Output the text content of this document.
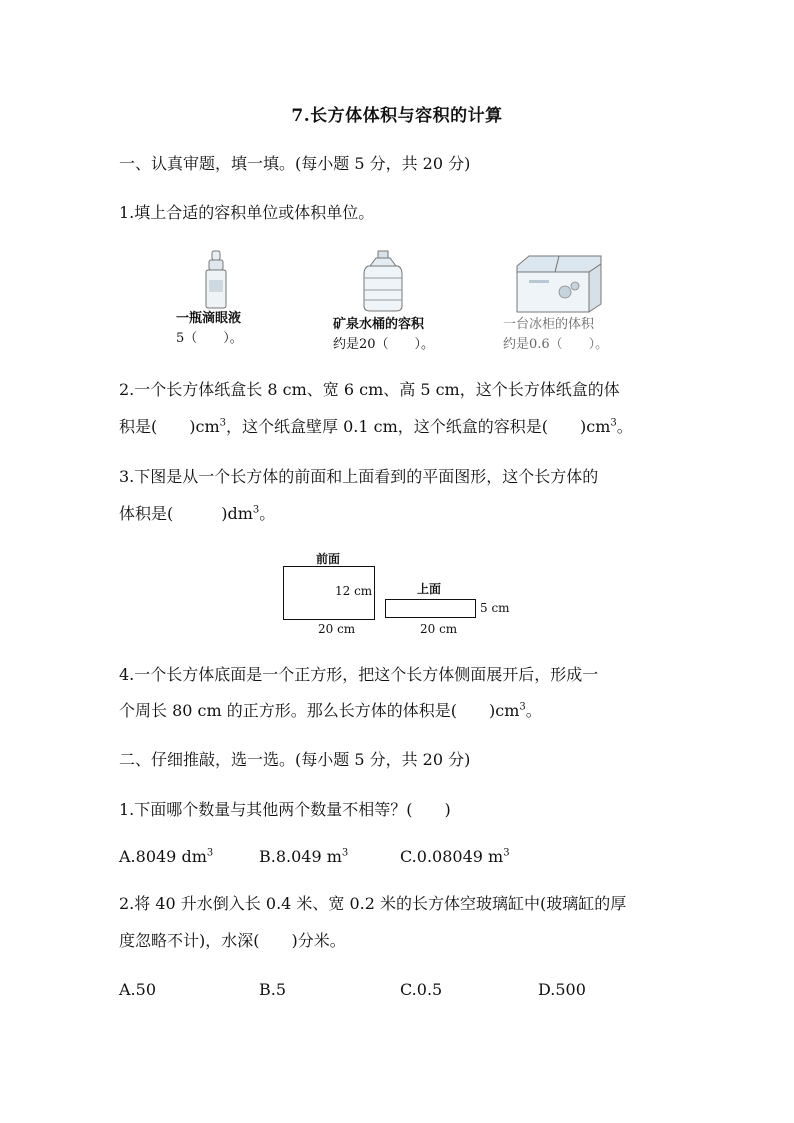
7.长方体体积与容积的计算
一、认真审题，填一填。(每小题 5 分，共 20 分)
1.填上合适的容积单位或体积单位。
一瓶滴眼液
5（　　）。
矿泉水桶的容积
约是20（　　）。
一台冰柜的体积
约是0.6（　　）。
2.一个长方体纸盒长 8 cm、宽 6 cm、高 5 cm，这个长方体纸盒的体
积是(　　)$cm^3$，这个纸盒壁厚 0.1 cm，这个纸盒的容积是(　　)$cm^3$。
3.下图是从一个长方体的前面和上面看到的平面图形，这个长方体的
体积是(　　　)$dm^3$。
前面
12 cm
20 cm
上面
5 cm
20 cm
4.一个长方体底面是一个正方形，把这个长方体侧面展开后，形成一
个周长 80 cm 的正方形。那么长方体的体积是(　　)$cm^3$。
二、仔细推敲，选一选。(每小题 5 分，共 20 分)
1.下面哪个数量与其他两个数量不相等？(　　)
A.8049 $dm^3$	B.8.049 $m^3$	C.0.08049 $m^3$
2.将 40 升水倒入长 0.4 米、宽 0.2 米的长方体空玻璃缸中(玻璃缸的厚
度忽略不计)，水深(　　)分米。
A.50	B.5	C.0.5	D.500
